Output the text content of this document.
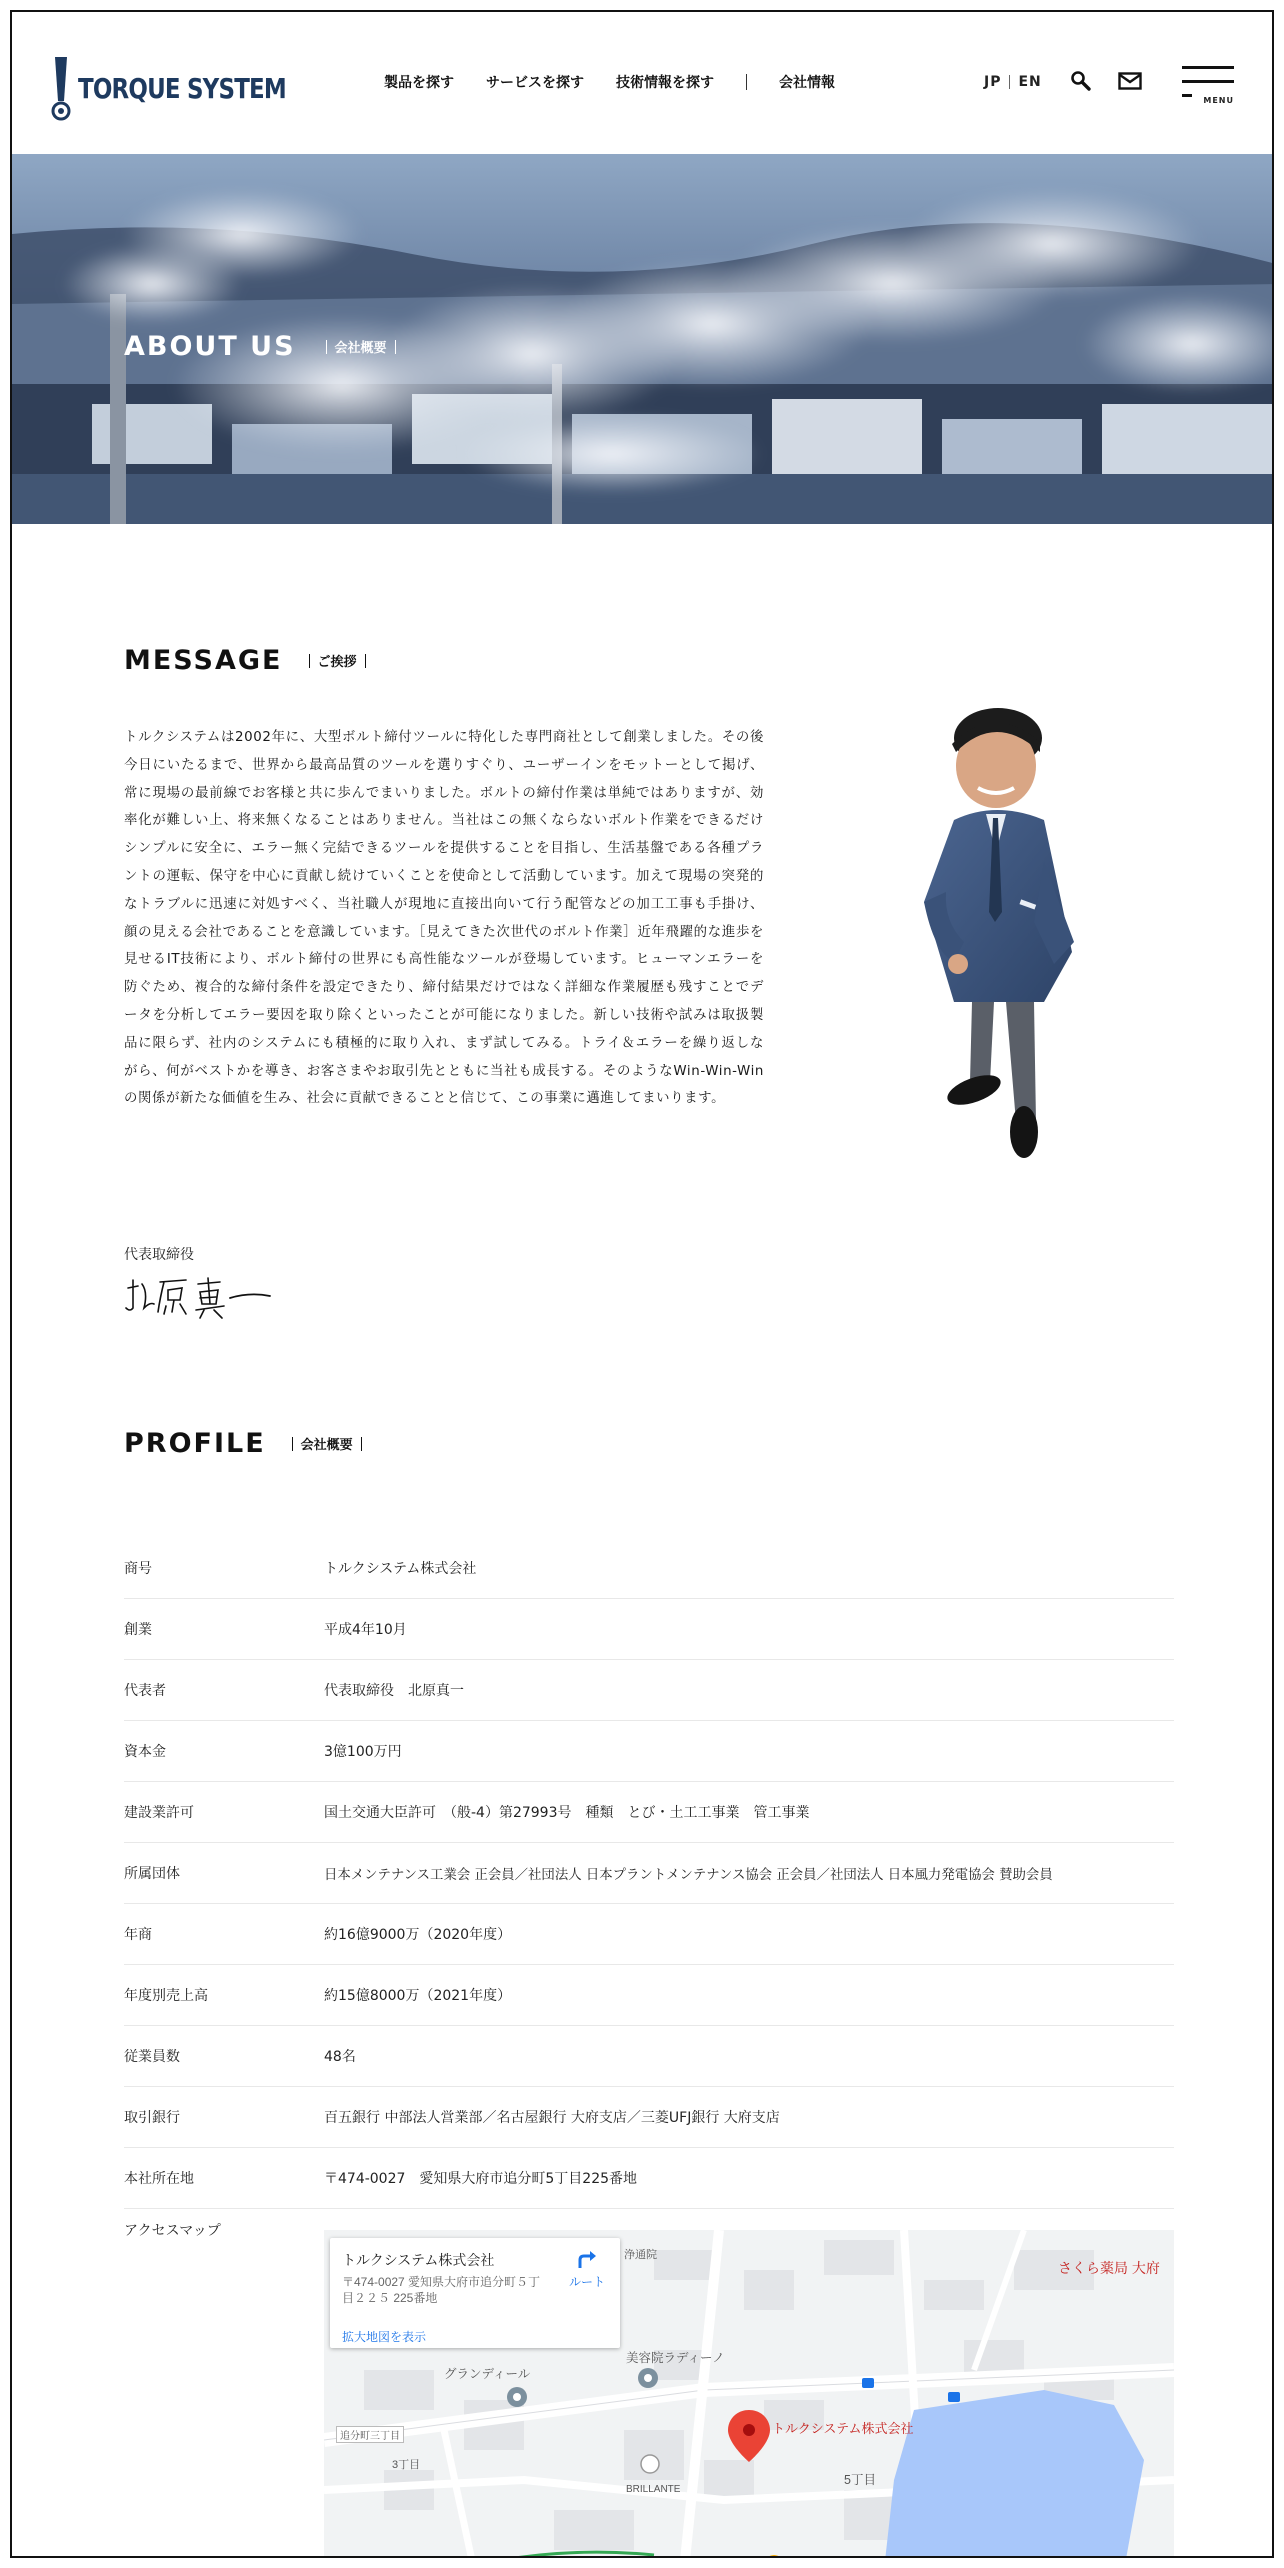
TORQUE SYSTEM	製品を探す サービスを探す 技術情報を探す	会社情報	JP EN
MENU
ABOUT US	会社概要
MESSAGE	ご挨拶
トルクシステムは2002年に、大型ボルト締付ツールに特化した専門商社として創業しました。その後今日にいたるまで、世界から最高品質のツールを選りすぐり、ユーザーインをモットーとして掲げ、常に現場の最前線でお客様と共に歩んでまいりました。ボルトの締付作業は単純ではありますが、効率化が難しい上、将来無くなることはありません。当社はこの無くならないボルト作業をできるだけシンプルに安全に、エラー無く完結できるツールを提供することを目指し、生活基盤である各種プラントの運転、保守を中心に貢献し続けていくことを使命として活動しています。加えて現場の突発的なトラブルに迅速に対処すべく、当社職人が現地に直接出向いて行う配管などの加工工事も手掛け、顔の見える会社であることを意識しています。［見えてきた次世代のボルト作業］近年飛躍的な進歩を見せるIT技術により、ボルト締付の世界にも高性能なツールが登場しています。ヒューマンエラーを防ぐため、複合的な締付条件を設定できたり、締付結果だけではなく詳細な作業履歴も残すことでデータを分析してエラー要因を取り除くといったことが可能になりました。新しい技術や試みは取扱製品に限らず、社内のシステムにも積極的に取り入れ、まず試してみる。トライ＆エラーを繰り返しながら、何がベストかを導き、お客さまやお取引先とともに当社も成長する。そのようなWin-Win-Winの関係が新たな価値を生み、社会に貢献できることと信じて、この事業に邁進してまいります。
代表取締役
PROFILE	会社概要
商号	トルクシステム株式会社
創業	平成4年10月
代表者	代表取締役　北原真一
資本金	3億100万円
建設業許可	国土交通大臣許可　（般-4）第27993号　種類　とび・土工工事業　管工事業
所属団体	日本メンテナンス工業会 正会員／社団法人 日本プラントメンテナンス協会 正会員／社団法人 日本風力発電協会 賛助会員
年商	約16億9000万（2020年度）
年度別売上高	約15億8000万（2021年度）
従業員数	48名
取引銀行	百五銀行 中部法人営業部／名古屋銀行 大府支店／三菱UFJ銀行 大府支店
本社所在地	〒474-0027　愛知県大府市追分町5丁目225番地
アクセスマップ
浄通院
美容院ラディーノ
グランディール
追分町三丁目
3丁目
BRILLANTE
5丁目
さくら薬局 大府
トルクシステム株式会社
トルクシステム株式会社
〒474-0027 愛知県大府市追分町５丁目２２５ 225番地
拡大地図を表示
ルート
